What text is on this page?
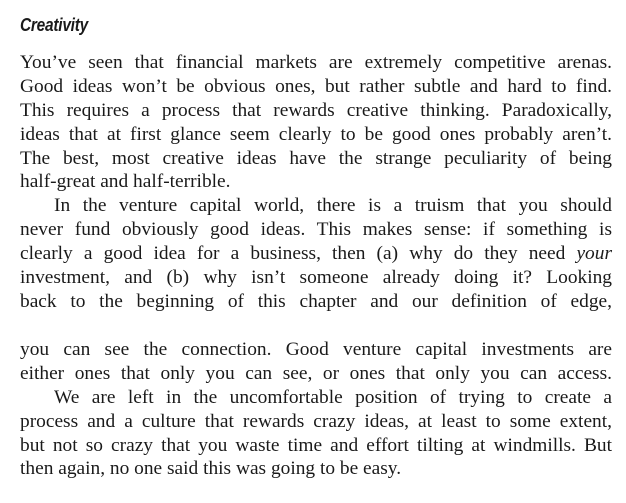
Creativity
You’ve seen that financial markets are extremely competitive arenas.
Good ideas won’t be obvious ones, but rather subtle and hard to find.
This requires a process that rewards creative thinking. Paradoxically,
ideas that at first glance seem clearly to be good ones probably aren’t.
The best, most creative ideas have the strange peculiarity of being
half-great and half-terrible.
In the venture capital world, there is a truism that you should
never fund obviously good ideas. This makes sense: if something is
clearly a good idea for a business, then (a) why do they need your
investment, and (b) why isn’t someone already doing it? Looking
back to the beginning of this chapter and our definition of edge,
you can see the connection. Good venture capital investments are
either ones that only you can see, or ones that only you can access.
We are left in the uncomfortable position of trying to create a
process and a culture that rewards crazy ideas, at least to some extent,
but not so crazy that you waste time and effort tilting at windmills. But
then again, no one said this was going to be easy.
